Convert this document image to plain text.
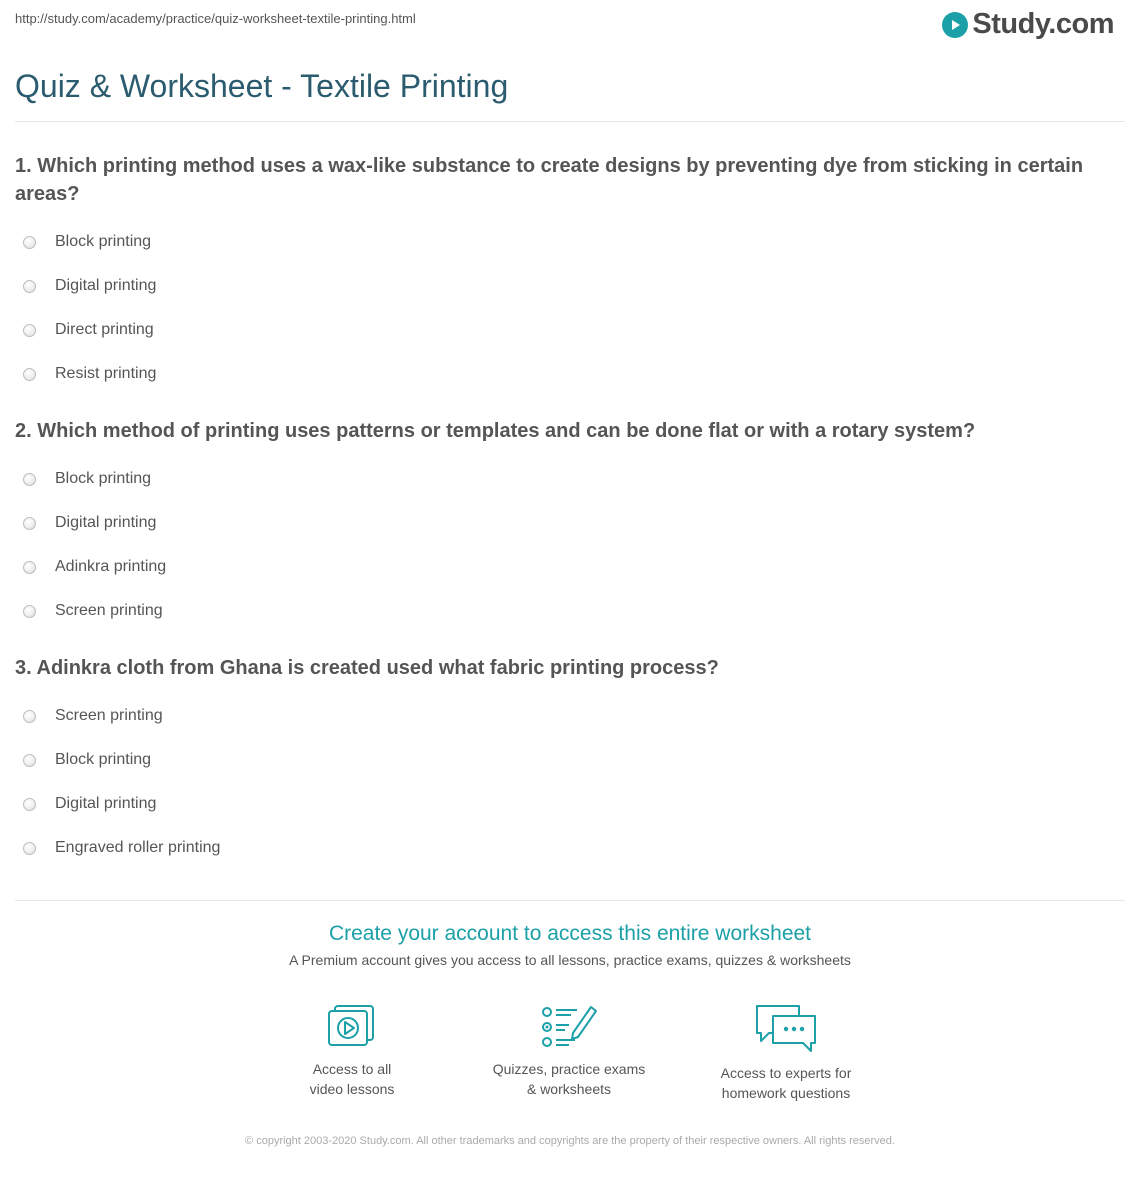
http://study.com/academy/practice/quiz-worksheet-textile-printing.html	Study.com
Quiz & Worksheet - Textile Printing

1. Which printing method uses a wax-like substance to create designs by preventing dye from sticking in certain areas?

Block printing
Digital printing
Direct printing
Resist printing

2. Which method of printing uses patterns or templates and can be done flat or with a rotary system?

Block printing
Digital printing
Adinkra printing
Screen printing

3. Adinkra cloth from Ghana is created used what fabric printing process?

Screen printing
Block printing
Digital printing
Engraved roller printing

Create your account to access this entire worksheet

A Premium account gives you access to all lessons, practice exams, quizzes & worksheets

Access to all
video lessons
Quizzes, practice exams
& worksheets
Access to experts for
homework questions
© copyright 2003-2020 Study.com. All other trademarks and copyrights are the property of their respective owners. All rights reserved.
